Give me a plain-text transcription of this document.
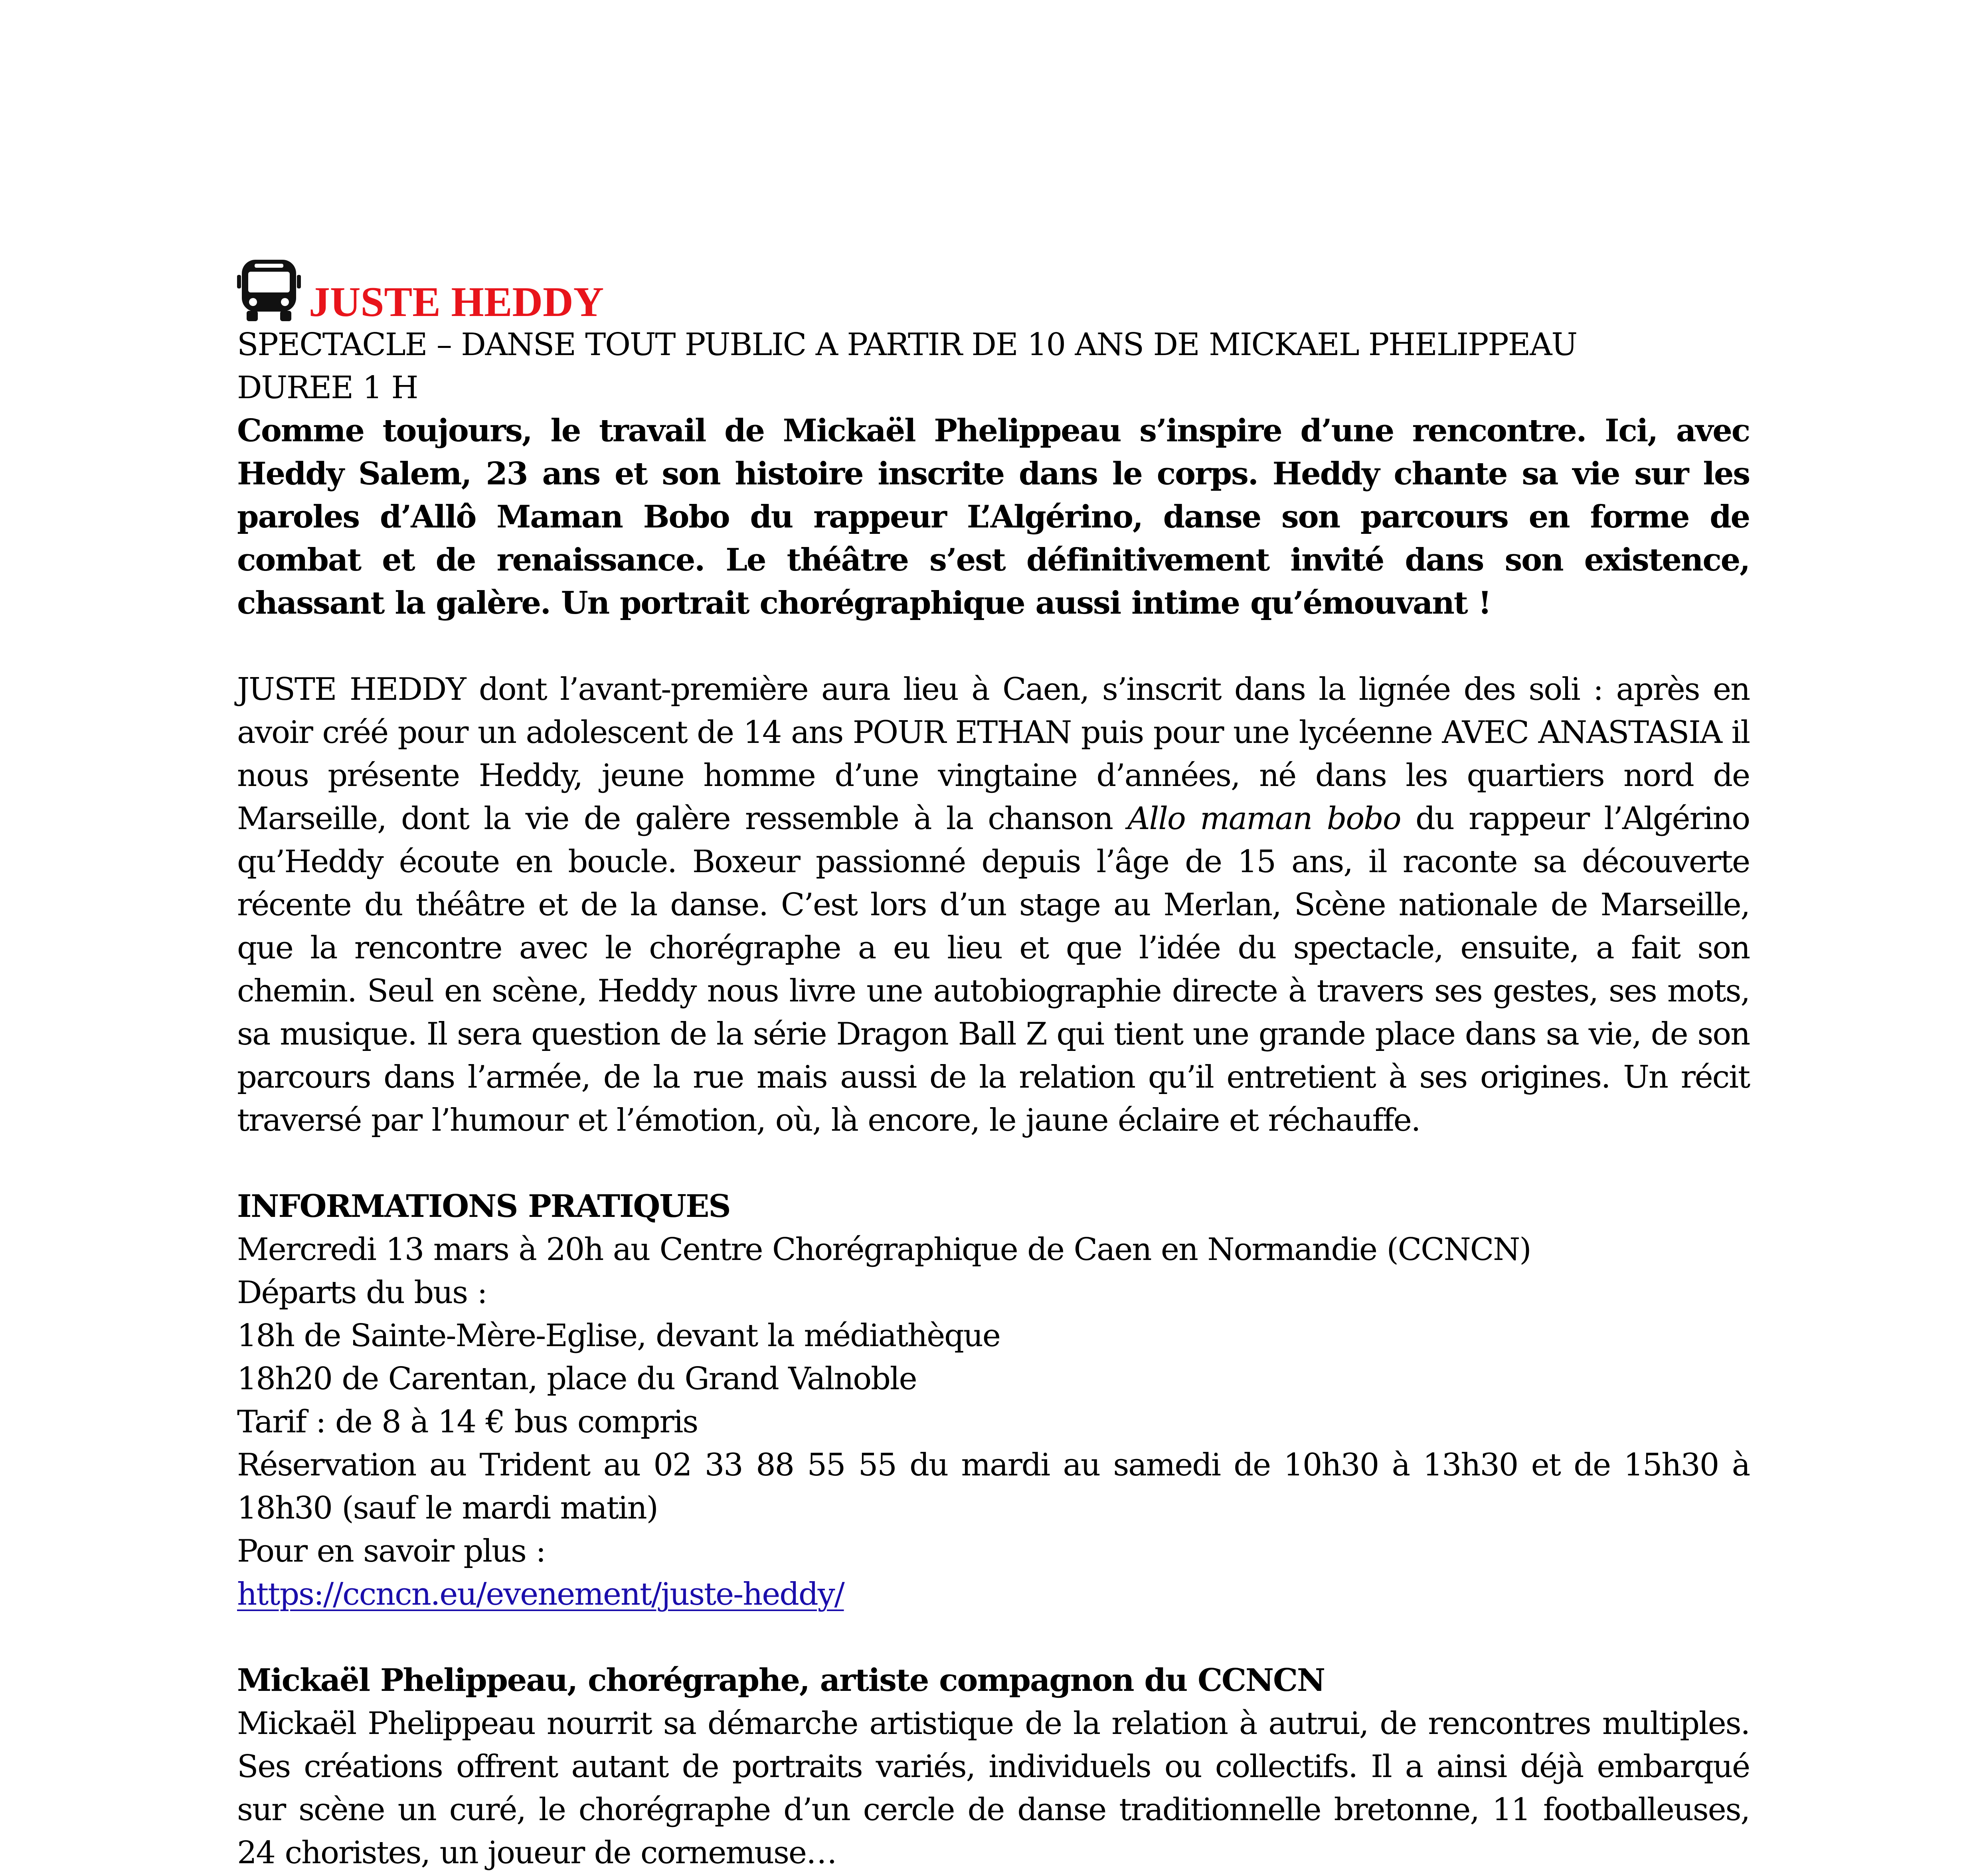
JUSTE HEDDY
SPECTACLE – DANSE TOUT PUBLIC A PARTIR DE 10 ANS DE MICKAEL PHELIPPEAU
DUREE 1 H
Comme toujours, le travail de Mickaël Phelippeau s’inspire d’une rencontre. Ici, avec Heddy Salem, 23 ans et son histoire inscrite dans le corps. Heddy chante sa vie sur les paroles d’Allô Maman Bobo du rappeur L’Algérino, danse son parcours en forme de combat et de renaissance. Le théâtre s’est définitivement invité dans son existence, chassant la galère. Un portrait chorégraphique aussi intime qu’émouvant !
JUSTE HEDDY dont l’avant-première aura lieu à Caen, s’inscrit dans la lignée des soli : après en avoir créé pour un adolescent de 14 ans POUR ETHAN puis pour une lycéenne AVEC ANASTASIA il nous présente Heddy, jeune homme d’une vingtaine d’années, né dans les quartiers nord de Marseille, dont la vie de galère ressemble à la chanson Allo maman bobo du rappeur l’Algérino qu’Heddy écoute en boucle. Boxeur passionné depuis l’âge de 15 ans, il raconte sa découverte récente du théâtre et de la danse. C’est lors d’un stage au Merlan, Scène nationale de Marseille, que la rencontre avec le chorégraphe a eu lieu et que l’idée du spectacle, ensuite, a fait son chemin. Seul en scène, Heddy nous livre une autobiographie directe à travers ses gestes, ses mots, sa musique. Il sera question de la série Dragon Ball Z qui tient une grande place dans sa vie, de son parcours dans l’armée, de la rue mais aussi de la relation qu’il entretient à ses origines. Un récit traversé par l’humour et l’émotion, où, là encore, le jaune éclaire et réchauffe.
INFORMATIONS PRATIQUES
Mercredi 13 mars à 20h au Centre Chorégraphique de Caen en Normandie (CCNCN)
Départs du bus :
18h de Sainte-Mère-Eglise, devant la médiathèque
18h20 de Carentan, place du Grand Valnoble
Tarif : de 8 à 14 € bus compris
Réservation au Trident au 02 33 88 55 55 du mardi au samedi de 10h30 à 13h30 et de 15h30 à 18h30 (sauf le mardi matin)
Pour en savoir plus :
https://ccncn.eu/evenement/juste-heddy/
Mickaël Phelippeau, chorégraphe, artiste compagnon du CCNCN
Mickaël Phelippeau nourrit sa démarche artistique de la relation à autrui, de rencontres multiples. Ses créations offrent autant de portraits variés, individuels ou collectifs. Il a ainsi déjà embarqué sur scène un curé, le chorégraphe d’un cercle de danse traditionnelle bretonne, 11 footballeuses, 24 choristes, un joueur de cornemuse…
